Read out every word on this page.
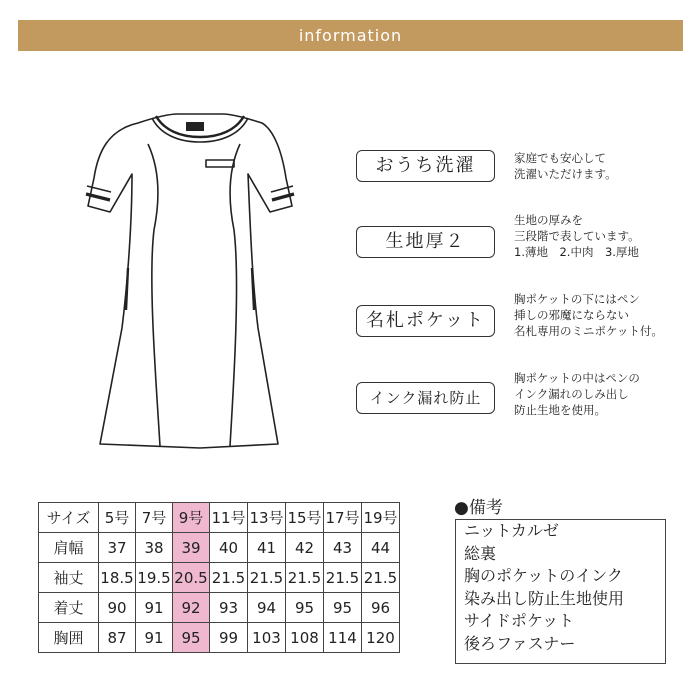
information
おうち洗濯	家庭でも安心して
洗濯いただけます。
生地厚２
生地の厚みを
三段階で表しています。
1.薄地　2.中肉　3.厚地
名札ポケット
胸ポケットの下にはペン
挿しの邪魔にならない
名札専用のミニポケット付。
インク漏れ防止
胸ポケットの中はペンの
インク漏れのしみ出し
防止生地を使用。
サイズ	5号	7号	9号	11号	13号	15号	17号	19号
肩幅	37	38	39	40	41	42	43	44
袖丈	18.5	19.5	20.5	21.5	21.5	21.5	21.5	21.5
着丈	90	91	92	93	94	95	95	96
胸囲	87	91	95	99	103	108	114	120
●備考
ニットカルゼ
総裏
胸のポケットのインク
染み出し防止生地使用
サイドポケット
後ろファスナー
